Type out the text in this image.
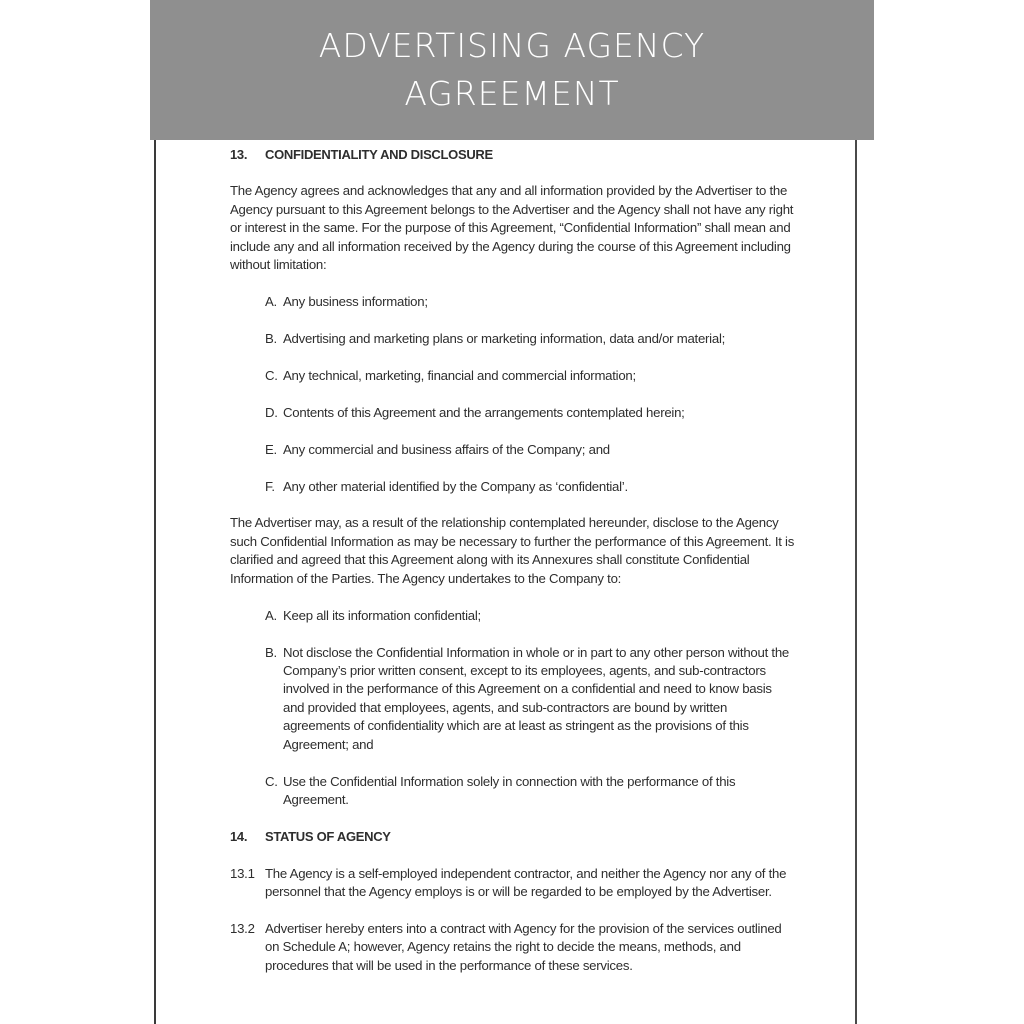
ADVERTISING AGENCY
AGREEMENT
13.	CONFIDENTIALITY AND DISCLOSURE

The Agency agrees and acknowledges that any and all information provided by the Advertiser to the Agency pursuant to this Agreement belongs to the Advertiser and the Agency shall not have any right or interest in the same. For the purpose of this Agreement, “Confidential Information” shall mean and include any and all information received by the Agency during the course of this Agreement including without limitation:

A. Any business information;
B. Advertising and marketing plans or marketing information, data and/or material;
C. Any technical, marketing, financial and commercial information;
D. Contents of this Agreement and the arrangements contemplated herein;
E. Any commercial and business affairs of the Company; and
F. Any other material identified by the Company as ‘confidential’.

The Advertiser may, as a result of the relationship contemplated hereunder, disclose to the Agency such Confidential Information as may be necessary to further the performance of this Agreement. It is clarified and agreed that this Agreement along with its Annexures shall constitute Confidential Information of the Parties. The Agency undertakes to the Company to:

A. Keep all its information confidential;
B. Not disclose the Confidential Information in whole or in part to any other person without the Company’s prior written consent, except to its employees, agents, and sub-contractors involved in the performance of this Agreement on a confidential and need to know basis and provided that employees, agents, and sub-contractors are bound by written agreements of confidentiality which are at least as stringent as the provisions of this Agreement; and
C. Use the Confidential Information solely in connection with the performance of this Agreement.
14.	STATUS OF AGENCY
13.1 The Agency is a self-employed independent contractor, and neither the Agency nor any of the personnel that the Agency employs is or will be regarded to be employed by the Advertiser.
13.2 Advertiser hereby enters into a contract with Agency for the provision of the services outlined on Schedule A; however, Agency retains the right to decide the means, methods, and procedures that will be used in the performance of these services.
